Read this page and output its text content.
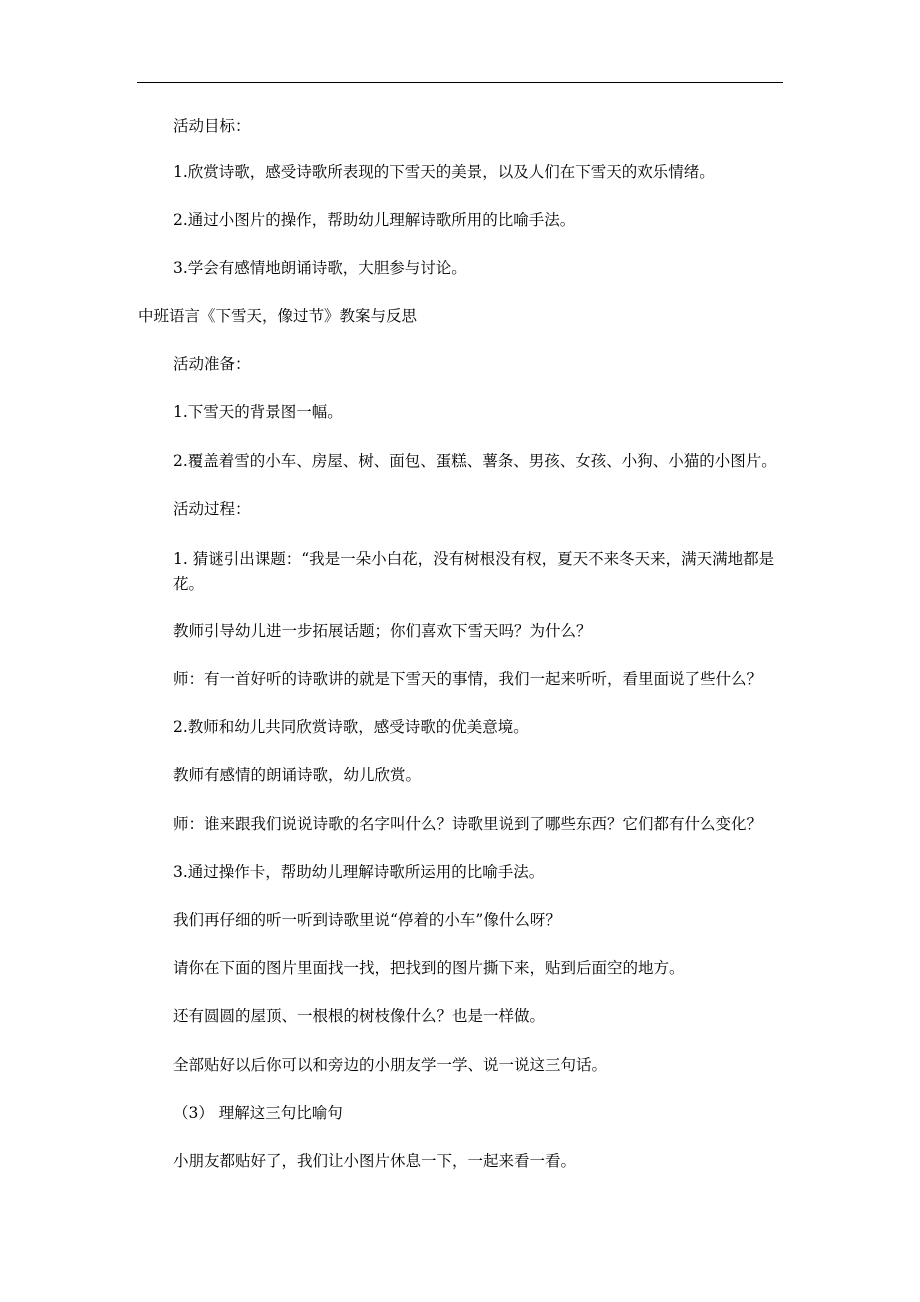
活动目标：
1.欣赏诗歌，感受诗歌所表现的下雪天的美景，以及人们在下雪天的欢乐情绪。
2.通过小图片的操作，帮助幼儿理解诗歌所用的比喻手法。
3.学会有感情地朗诵诗歌，大胆参与讨论。
中班语言《下雪天，像过节》教案与反思
活动准备：
1.下雪天的背景图一幅。
2.覆盖着雪的小车、房屋、树、面包、蛋糕、薯条、男孩、女孩、小狗、小猫的小图片。
活动过程：
1. 猜谜引出课题：“我是一朵小白花，没有树根没有杈，夏天不来冬天来，满天满地都是花。
教师引导幼儿进一步拓展话题；你们喜欢下雪天吗？为什么？
师：有一首好听的诗歌讲的就是下雪天的事情，我们一起来听听，看里面说了些什么？
2.教师和幼儿共同欣赏诗歌，感受诗歌的优美意境。
教师有感情的朗诵诗歌，幼儿欣赏。
师：谁来跟我们说说诗歌的名字叫什么？诗歌里说到了哪些东西？它们都有什么变化？
3.通过操作卡，帮助幼儿理解诗歌所运用的比喻手法。
我们再仔细的听一听到诗歌里说“停着的小车”像什么呀？
请你在下面的图片里面找一找，把找到的图片撕下来，贴到后面空的地方。
还有圆圆的屋顶、一根根的树枝像什么？也是一样做。
全部贴好以后你可以和旁边的小朋友学一学、说一说这三句话。
（3） 理解这三句比喻句
小朋友都贴好了，我们让小图片休息一下，一起来看一看。
